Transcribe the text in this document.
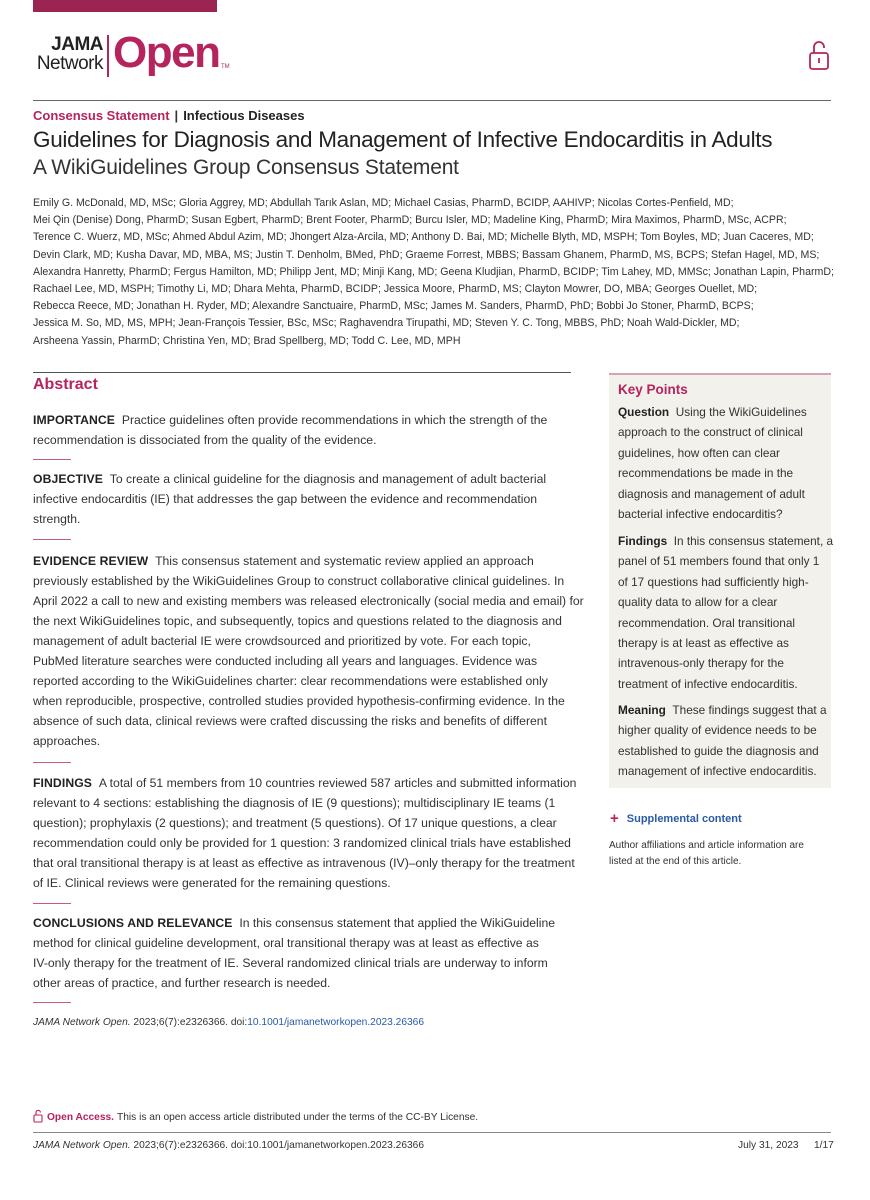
JAMA
Network Open TM
Consensus Statement | Infectious Diseases
Guidelines for Diagnosis and Management of Infective Endocarditis in Adults
A WikiGuidelines Group Consensus Statement
Emily G. McDonald, MD, MSc; Gloria Aggrey, MD; Abdullah Tarık Aslan, MD; Michael Casias, PharmD, BCIDP, AAHIVP; Nicolas Cortes-Penfield, MD;
Mei Qin (Denise) Dong, PharmD; Susan Egbert, PharmD; Brent Footer, PharmD; Burcu Isler, MD; Madeline King, PharmD; Mira Maximos, PharmD, MSc, ACPR;
Terence C. Wuerz, MD, MSc; Ahmed Abdul Azim, MD; Jhongert Alza-Arcila, MD; Anthony D. Bai, MD; Michelle Blyth, MD, MSPH; Tom Boyles, MD; Juan Caceres, MD;
Devin Clark, MD; Kusha Davar, MD, MBA, MS; Justin T. Denholm, BMed, PhD; Graeme Forrest, MBBS; Bassam Ghanem, PharmD, MS, BCPS; Stefan Hagel, MD, MS;
Alexandra Hanretty, PharmD; Fergus Hamilton, MD; Philipp Jent, MD; Minji Kang, MD; Geena Kludjian, PharmD, BCIDP; Tim Lahey, MD, MMSc; Jonathan Lapin, PharmD;
Rachael Lee, MD, MSPH; Timothy Li, MD; Dhara Mehta, PharmD, BCIDP; Jessica Moore, PharmD, MS; Clayton Mowrer, DO, MBA; Georges Ouellet, MD;
Rebecca Reece, MD; Jonathan H. Ryder, MD; Alexandre Sanctuaire, PharmD, MSc; James M. Sanders, PharmD, PhD; Bobbi Jo Stoner, PharmD, BCPS;
Jessica M. So, MD, MS, MPH; Jean-François Tessier, BSc, MSc; Raghavendra Tirupathi, MD; Steven Y. C. Tong, MBBS, PhD; Noah Wald-Dickler, MD;
Arsheena Yassin, PharmD; Christina Yen, MD; Brad Spellberg, MD; Todd C. Lee, MD, MPH
Abstract
IMPORTANCE Practice guidelines often provide recommendations in which the strength of the
recommendation is dissociated from the quality of the evidence.
OBJECTIVE To create a clinical guideline for the diagnosis and management of adult bacterial
infective endocarditis (IE) that addresses the gap between the evidence and recommendation
strength.
EVIDENCE REVIEW This consensus statement and systematic review applied an approach
previously established by the WikiGuidelines Group to construct collaborative clinical guidelines. In
April 2022 a call to new and existing members was released electronically (social media and email) for
the next WikiGuidelines topic, and subsequently, topics and questions related to the diagnosis and
management of adult bacterial IE were crowdsourced and prioritized by vote. For each topic,
PubMed literature searches were conducted including all years and languages. Evidence was
reported according to the WikiGuidelines charter: clear recommendations were established only
when reproducible, prospective, controlled studies provided hypothesis-confirming evidence. In the
absence of such data, clinical reviews were crafted discussing the risks and benefits of different
approaches.
FINDINGS A total of 51 members from 10 countries reviewed 587 articles and submitted information
relevant to 4 sections: establishing the diagnosis of IE (9 questions); multidisciplinary IE teams (1
question); prophylaxis (2 questions); and treatment (5 questions). Of 17 unique questions, a clear
recommendation could only be provided for 1 question: 3 randomized clinical trials have established
that oral transitional therapy is at least as effective as intravenous (IV)–only therapy for the treatment
of IE. Clinical reviews were generated for the remaining questions.
CONCLUSIONS AND RELEVANCE In this consensus statement that applied the WikiGuideline
method for clinical guideline development, oral transitional therapy was at least as effective as
IV-only therapy for the treatment of IE. Several randomized clinical trials are underway to inform
other areas of practice, and further research is needed.
JAMA Network Open. 2023;6(7):e2326366. doi:10.1001/jamanetworkopen.2023.26366
Key Points
Question Using the WikiGuidelines
approach to the construct of clinical
guidelines, how often can clear
recommendations be made in the
diagnosis and management of adult
bacterial infective endocarditis?
Findings In this consensus statement, a
panel of 51 members found that only 1
of 17 questions had sufficiently high-
quality data to allow for a clear
recommendation. Oral transitional
therapy is at least as effective as
intravenous-only therapy for the
treatment of infective endocarditis.
Meaning These findings suggest that a
higher quality of evidence needs to be
established to guide the diagnosis and
management of infective endocarditis.
+ Supplemental content
Author affiliations and article information are
listed at the end of this article.
Open Access. This is an open access article distributed under the terms of the CC-BY License.
JAMA Network Open. 2023;6(7):e2326366. doi:10.1001/jamanetworkopen.2023.26366	July 31, 2023 1/17
